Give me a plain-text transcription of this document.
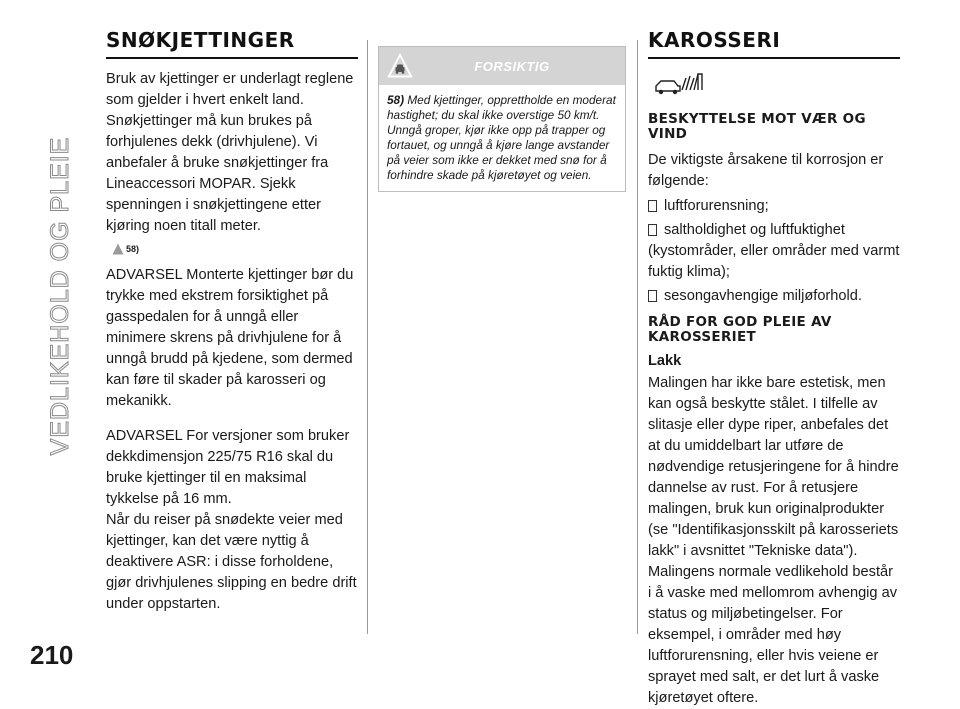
VEDLIKEHOLD OG PLEIE
210
SNØKJETTINGER

Bruk av kjettinger er underlagt reglene som gjelder i hvert enkelt land. Snøkjettinger må kun brukes på forhjulenes dekk (drivhjulene). Vi anbefaler å bruke snøkjettinger fra Lineaccessori MOPAR. Sjekk spenningen i snøkjettingene etter kjøring noen titall meter.

58)

ADVARSEL Monterte kjettinger bør du trykke med ekstrem forsiktighet på gasspedalen for å unngå eller minimere skrens på drivhjulene for å unngå brudd på kjedene, som dermed kan føre til skader på karosseri og mekanikk.

ADVARSEL For versjoner som bruker dekkdimensjon 225/75 R16 skal du bruke kjettinger til en maksimal tykkelse på 16 mm.

Når du reiser på snødekte veier med kjettinger, kan det være nyttig å deaktivere ASR: i disse forholdene, gjør drivhjulenes slipping en bedre drift under oppstarten.

FORSIKTIG
58) Med kjettinger, opprettholde en moderat hastighet; du skal ikke overstige 50 km/t. Unngå groper, kjør ikke opp på trapper og fortauet, og unngå å kjøre lange avstander på veier som ikke er dekket med snø for å forhindre skade på kjøretøyet og veien.
KAROSSERI
BESKYTTELSE MOT VÆR OG VIND

De viktigste årsakene til korrosjon er følgende:

luftforurensning;
saltholdighet og luftfuktighet
(kystområder, eller områder med varmt fuktig klima);
sesongavhengige miljøforhold.
RÅD FOR GOD PLEIE AV KAROSSERIET
Lakk

Malingen har ikke bare estetisk, men kan også beskytte stålet. I tilfelle av slitasje eller dype riper, anbefales det at du umiddelbart lar utføre de nødvendige retusjeringene for å hindre dannelse av rust. For å retusjere malingen, bruk kun originalprodukter (se "Identifikasjonsskilt på karosseriets lakk" i avsnittet "Tekniske data"). Malingens normale vedlikehold består i å vaske med mellomrom avhengig av status og miljøbetingelser. For eksempel, i områder med høy luftforurensning, eller hvis veiene er sprayet med salt, er det lurt å vaske kjøretøyet oftere.
